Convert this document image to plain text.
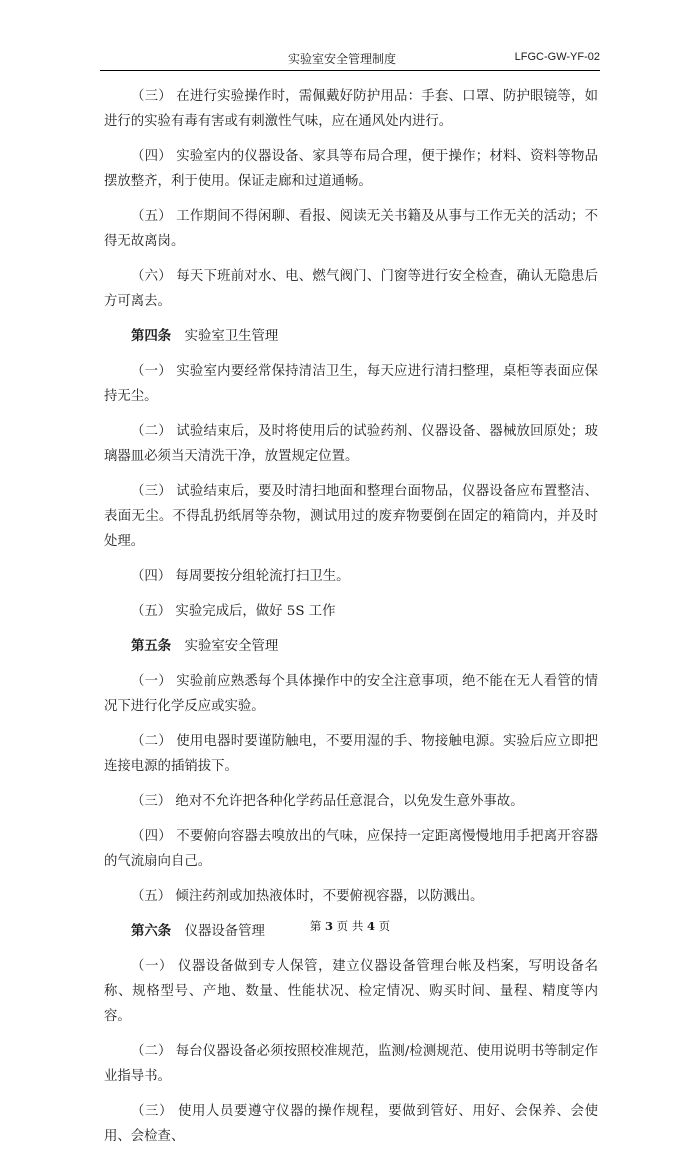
实验室安全管理制度	LFGC-GW-YF-02

（三） 在进行实验操作时，需佩戴好防护用品：手套、口罩、防护眼镜等，如进行的实验有毒有害或有刺激性气味，应在通风处内进行。

（四） 实验室内的仪器设备、家具等布局合理，便于操作；材料、资料等物品摆放整齐，利于使用。保证走廊和过道通畅。

（五） 工作期间不得闲聊、看报、阅读无关书籍及从事与工作无关的活动；不得无故离岗。

（六） 每天下班前对水、电、燃气阀门、门窗等进行安全检查，确认无隐患后方可离去。

第四条　 实验室卫生管理

（一） 实验室内要经常保持清洁卫生，每天应进行清扫整理，桌柜等表面应保持无尘。

（二） 试验结束后，及时将使用后的试验药剂、仪器设备、器械放回原处；玻璃器皿必须当天清洗干净，放置规定位置。

（三） 试验结束后，要及时清扫地面和整理台面物品，仪器设备应布置整洁、表面无尘。不得乱扔纸屑等杂物，测试用过的废弃物要倒在固定的箱筒内，并及时处理。

（四） 每周要按分组轮流打扫卫生。

（五） 实验完成后，做好 5S 工作

第五条　 实验室安全管理

（一） 实验前应熟悉每个具体操作中的安全注意事项，绝不能在无人看管的情况下进行化学反应或实验。

（二） 使用电器时要谨防触电，不要用湿的手、物接触电源。实验后应立即把连接电源的插销拔下。

（三） 绝对不允许把各种化学药品任意混合，以免发生意外事故。

（四） 不要俯向容器去嗅放出的气味，应保持一定距离慢慢地用手把离开容器的气流扇向自己。

（五） 倾注药剂或加热液体时，不要俯视容器，以防溅出。

第六条　 仪器设备管理

（一） 仪器设备做到专人保管，建立仪器设备管理台帐及档案，写明设备名称、规格型号、产地、数量、性能状况、检定情况、购买时间、量程、精度等内容。

（二） 每台仪器设备必须按照校准规范，监测/检测规范、使用说明书等制定作业指导书。

（三） 使用人员要遵守仪器的操作规程，要做到管好、用好、会保养、会使用、会检查、

第 3 页 共 4 页
